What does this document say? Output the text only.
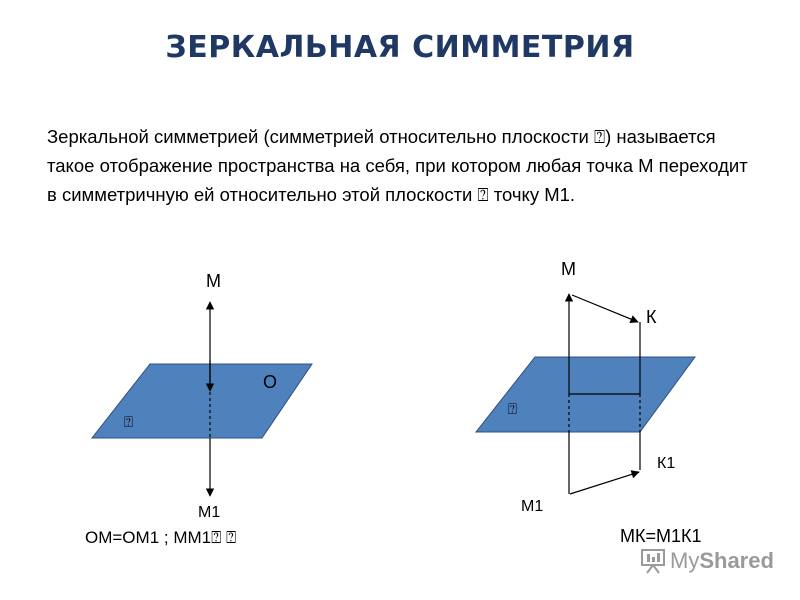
ЗЕРКАЛЬНАЯ СИММЕТРИЯ

Зеркальной симметрией (симметрией относительно плоскости ⍰) называется такое отображение пространства на себя, при котором любая точка М переходит в симметричную ей относительно этой плоскости ⍰ точку М1.

М
О
⍰
М1
М
К
⍰
К1
М1
ОМ=ОМ1 ; ММ1⍰ ⍰	МК=М1К1
MyShared
